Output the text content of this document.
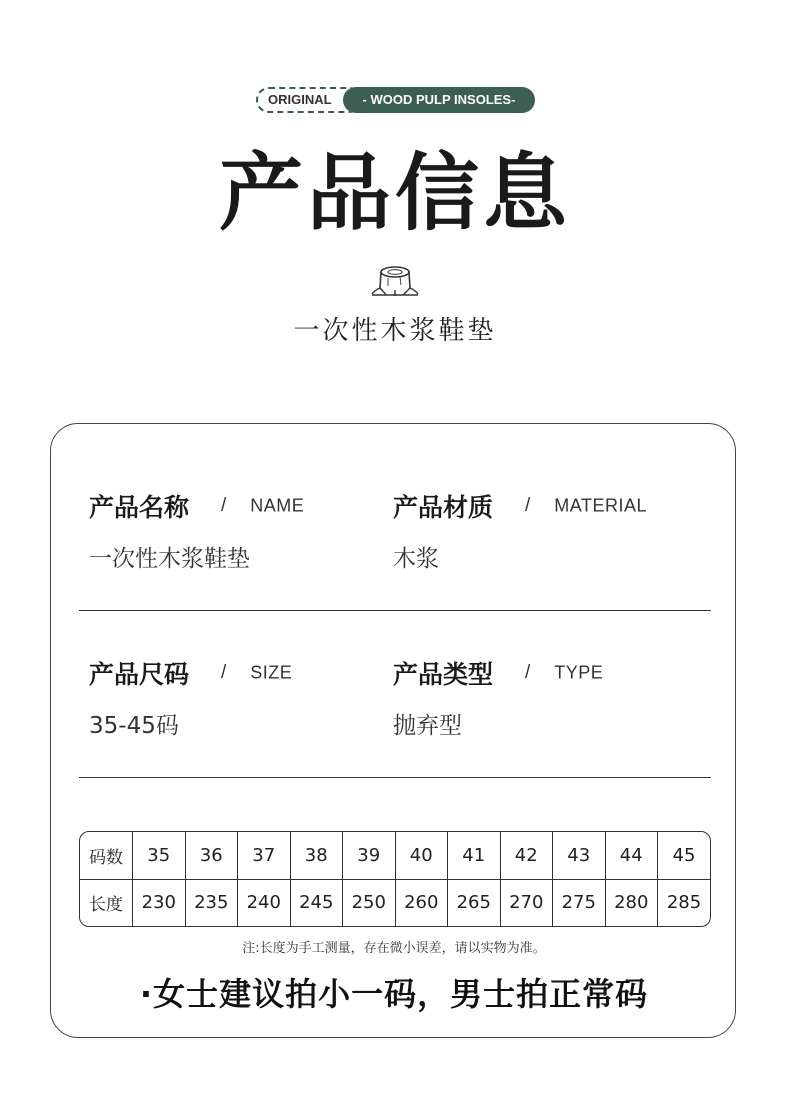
ORIGINAL	- WOOD PULP INSOLES-
产品信息
一次性木浆鞋垫
产品名称 / NAME
一次性木浆鞋垫
产品材质 / MATERIAL
木浆
产品尺码 / SIZE
35-45码
产品类型 / TYPE
抛弃型
码数	35	36	37	38	39	40	41	42	43	44	45
长度	230	235	240	245	250	260	265	270	275	280	285
注:长度为手工测量，存在微小误差，请以实物为准。
·女士建议拍小一码，男士拍正常码
